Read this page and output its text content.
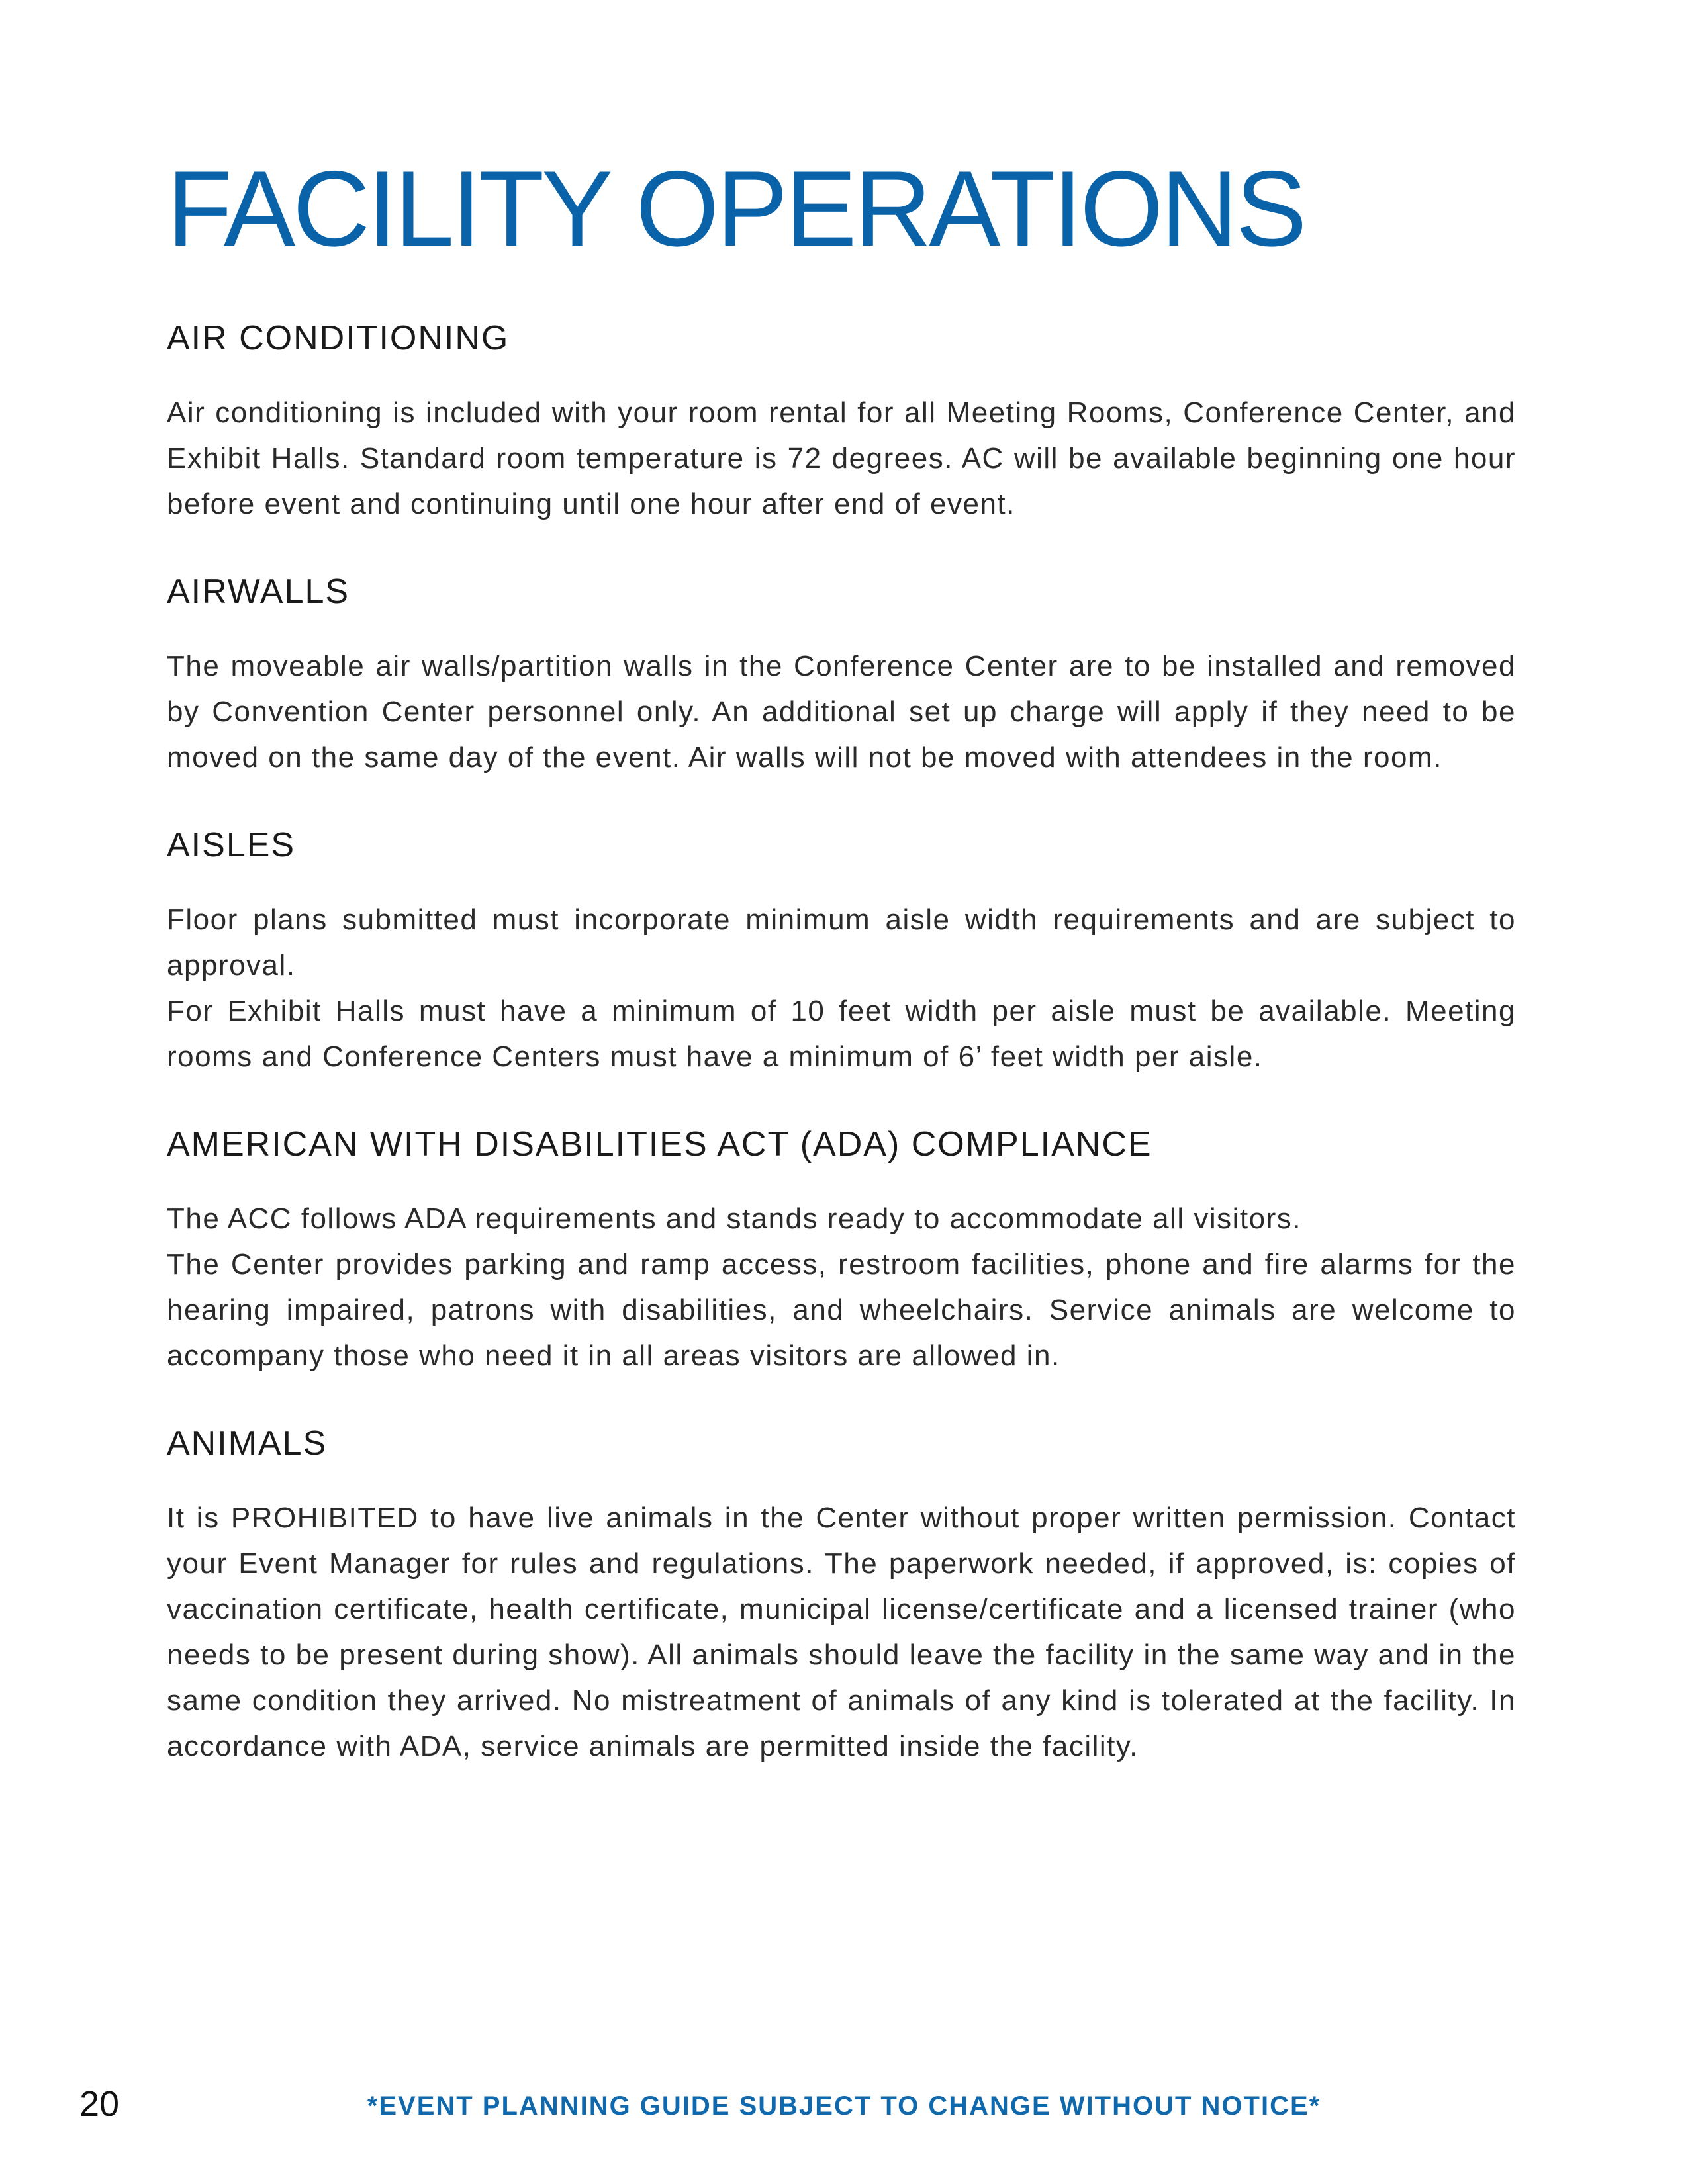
FACILITY OPERATIONS
AIR CONDITIONING

Air conditioning is included with your room rental for all Meeting Rooms, Conference Center, and Exhibit Halls. Standard room temperature is 72 degrees. AC will be available beginning one hour before event and continuing until one hour after end of event.

AIRWALLS

The moveable air walls/partition walls in the Conference Center are to be installed and removed by Convention Center personnel only. An additional set up charge will apply if they need to be moved on the same day of the event. Air walls will not be moved with attendees in the room.

AISLES

Floor plans submitted must incorporate minimum aisle width requirements and are subject to approval.

For Exhibit Halls must have a minimum of 10 feet width per aisle must be available. Meeting rooms and Conference Centers must have a minimum of 6’ feet width per aisle.

AMERICAN WITH DISABILITIES ACT (ADA) COMPLIANCE

The ACC follows ADA requirements and stands ready to accommodate all visitors.

The Center provides parking and ramp access, restroom facilities, phone and fire alarms for the hearing impaired, patrons with disabilities, and wheelchairs. Service animals are welcome to accompany those who need it in all areas visitors are allowed in.

ANIMALS

It is PROHIBITED to have live animals in the Center without proper written permission. Contact your Event Manager for rules and regulations. The paperwork needed, if approved, is: copies of vaccination certificate, health certificate, municipal license/certificate and a licensed trainer (who needs to be present during show). All animals should leave the facility in the same way and in the same condition they arrived. No mistreatment of animals of any kind is tolerated at the facility. In accordance with ADA, service animals are permitted inside the facility.

20	*EVENT PLANNING GUIDE SUBJECT TO CHANGE WITHOUT NOTICE*
